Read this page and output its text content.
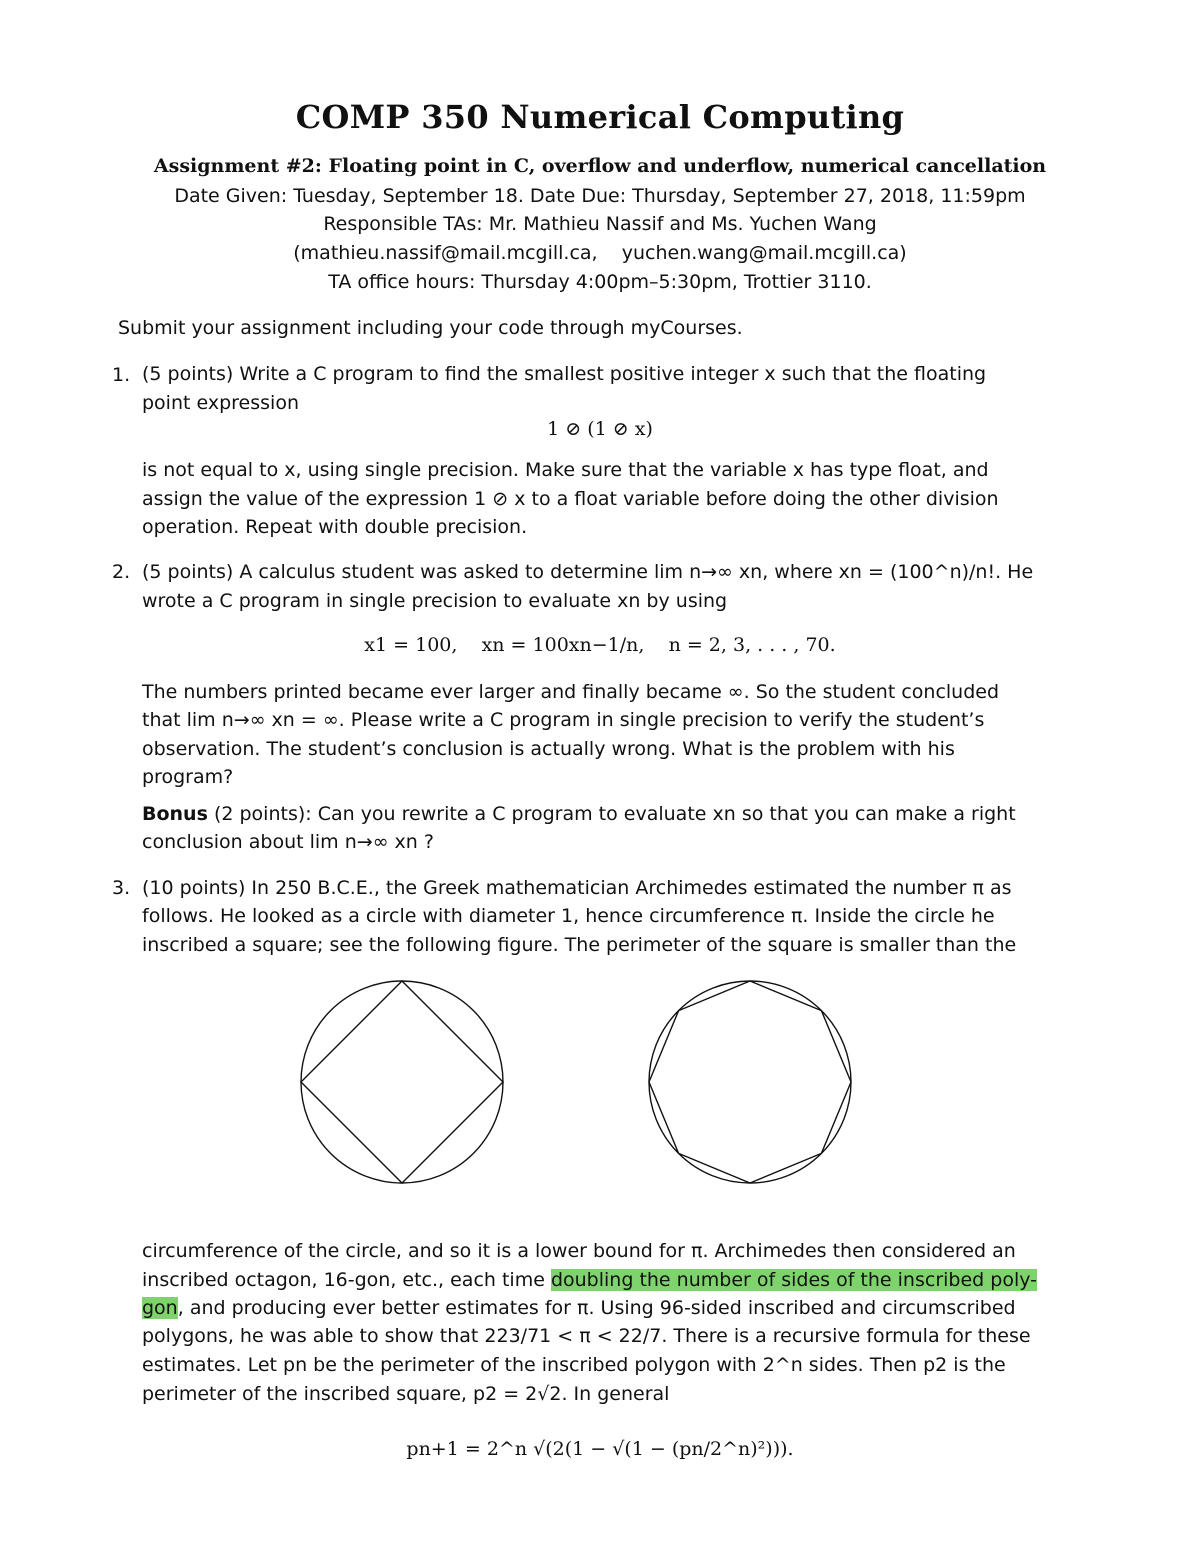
COMP 350 Numerical Computing
Assignment #2: Floating point in C, overflow and underflow, numerical cancellation
Date Given: Tuesday, September 18. Date Due: Thursday, September 27, 2018, 11:59pm
Responsible TAs: Mr. Mathieu Nassif and Ms. Yuchen Wang
(mathieu.nassif@mail.mcgill.ca,    yuchen.wang@mail.mcgill.ca)
TA office hours: Thursday 4:00pm–5:30pm, Trottier 3110.
Submit your assignment including your code through myCourses.
1. (5 points) Write a C program to find the smallest positive integer x such that the floating
point expression
1 ⊘ (1 ⊘ x)
is not equal to x, using single precision. Make sure that the variable x has type float, and
assign the value of the expression 1 ⊘ x to a float variable before doing the other division
operation. Repeat with double precision.
2. (5 points) A calculus student was asked to determine lim n→∞ xn, where xn = (100^n)/n!. He
wrote a C program in single precision to evaluate xn by using
x1 = 100,    xn = 100xn−1/n,    n = 2, 3, . . . , 70.
The numbers printed became ever larger and finally became ∞. So the student concluded
that lim n→∞ xn = ∞. Please write a C program in single precision to verify the student’s
observation. The student’s conclusion is actually wrong. What is the problem with his
program?
Bonus (2 points): Can you rewrite a C program to evaluate xn so that you can make a right
conclusion about lim n→∞ xn ?
3. (10 points) In 250 B.C.E., the Greek mathematician Archimedes estimated the number π as
follows. He looked as a circle with diameter 1, hence circumference π. Inside the circle he
inscribed a square; see the following figure. The perimeter of the square is smaller than the
circumference of the circle, and so it is a lower bound for π. Archimedes then considered an
inscribed octagon, 16-gon, etc., each time doubling the number of sides of the inscribed poly-
gon, and producing ever better estimates for π. Using 96-sided inscribed and circumscribed
polygons, he was able to show that 223/71 < π < 22/7. There is a recursive formula for these
estimates. Let pn be the perimeter of the inscribed polygon with 2^n sides. Then p2 is the
perimeter of the inscribed square, p2 = 2√2. In general
pn+1 = 2^n √(2(1 − √(1 − (pn/2^n)²))).
